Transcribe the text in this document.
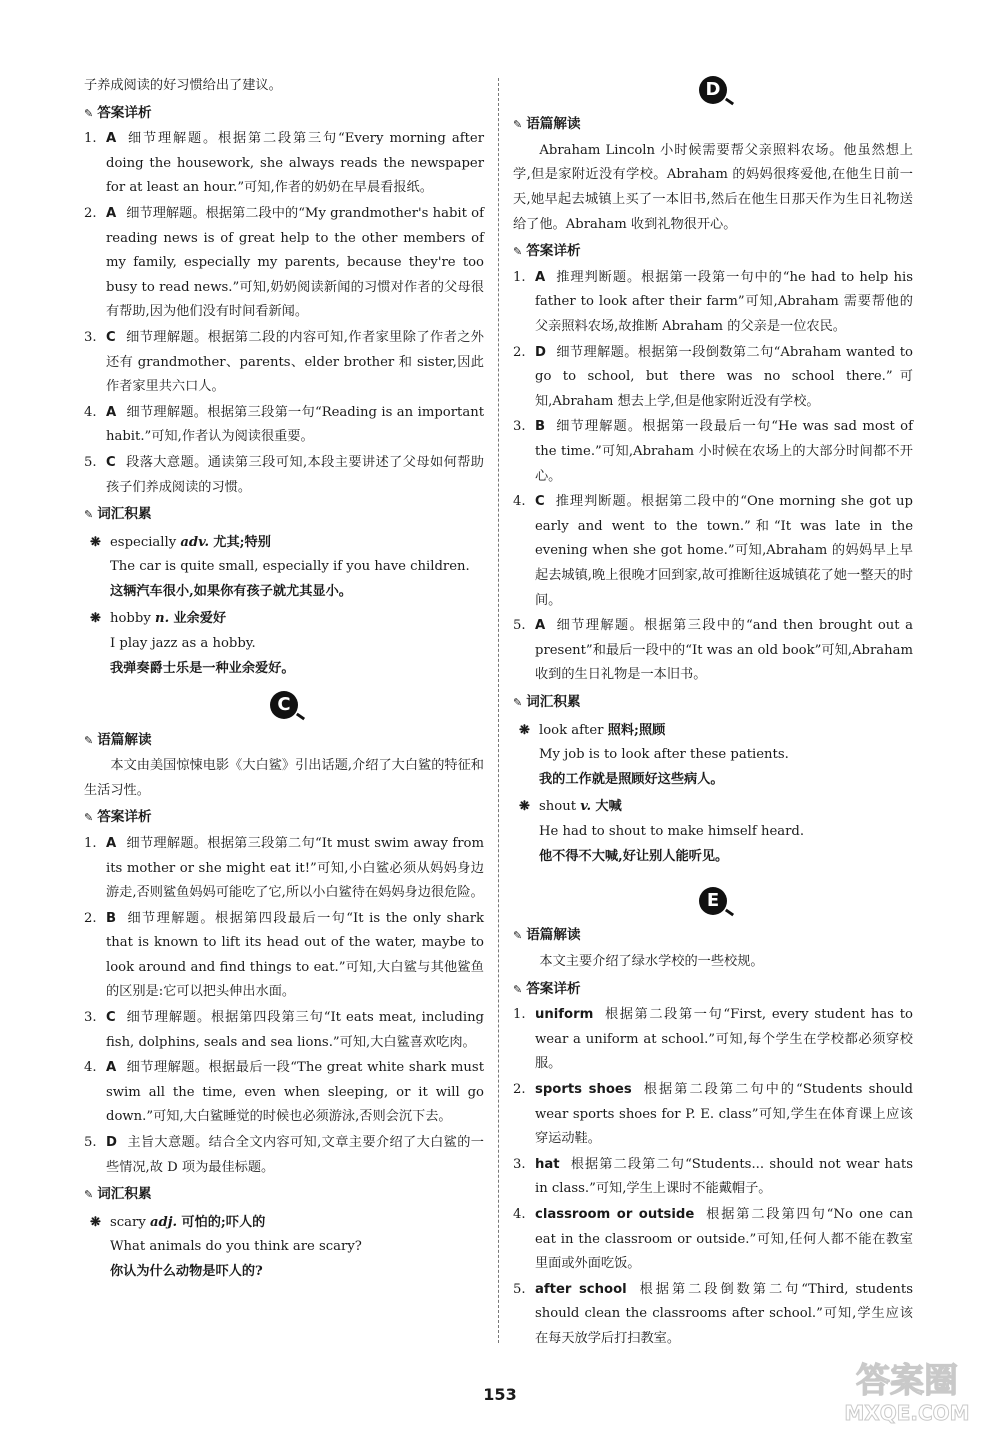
子养成阅读的好习惯给出了建议。

✎ 答案详析
1. A 细节理解题。根据第二段第三句“Every morning after doing the housework, she always reads the newspaper for at least an hour.”可知,作者的奶奶在早晨看报纸。
2. A 细节理解题。根据第二段中的“My grandmother's habit of reading news is of great help to the other members of my family, especially my parents, because they're too busy to read news.”可知,奶奶阅读新闻的习惯对作者的父母很有帮助,因为他们没有时间看新闻。
3. C 细节理解题。根据第二段的内容可知,作者家里除了作者之外还有 grandmother、parents、elder brother 和 sister,因此作者家里共六口人。
4. A 细节理解题。根据第三段第一句“Reading is an important habit.”可知,作者认为阅读很重要。
5. C 段落大意题。通读第三段可知,本段主要讲述了父母如何帮助孩子们养成阅读的习惯。
✎ 词汇积累
❋ especially adv. 尤其;特别
The car is quite small, especially if you have children.
这辆汽车很小,如果你有孩子就尤其显小。
❋ hobby n. 业余爱好
I play jazz as a hobby.
我弹奏爵士乐是一种业余爱好。
C
✎ 语篇解读

本文由美国惊悚电影《大白鲨》引出话题,介绍了大白鲨的特征和生活习性。

✎ 答案详析
1. A 细节理解题。根据第三段第二句“It must swim away from its mother or she might eat it!”可知,小白鲨必须从妈妈身边游走,否则鲨鱼妈妈可能吃了它,所以小白鲨待在妈妈身边很危险。
2. B 细节理解题。根据第四段最后一句“It is the only shark that is known to lift its head out of the water, maybe to look around and find things to eat.”可知,大白鲨与其他鲨鱼的区别是:它可以把头伸出水面。
3. C 细节理解题。根据第四段第三句“It eats meat, including fish, dolphins, seals and sea lions.”可知,大白鲨喜欢吃肉。
4. A 细节理解题。根据最后一段“The great white shark must swim all the time, even when sleeping, or it will go down.”可知,大白鲨睡觉的时候也必须游泳,否则会沉下去。
5. D 主旨大意题。结合全文内容可知,文章主要介绍了大白鲨的一些情况,故 D 项为最佳标题。
✎ 词汇积累
❋ scary adj. 可怕的;吓人的
What animals do you think are scary?
你认为什么动物是吓人的?
D
✎ 语篇解读

Abraham Lincoln 小时候需要帮父亲照料农场。他虽然想上学,但是家附近没有学校。Abraham 的妈妈很疼爱他,在他生日前一天,她早起去城镇上买了一本旧书,然后在他生日那天作为生日礼物送给了他。Abraham 收到礼物很开心。

✎ 答案详析
1. A 推理判断题。根据第一段第一句中的“he had to help his father to look after their farm”可知,Abraham 需要帮他的父亲照料农场,故推断 Abraham 的父亲是一位农民。
2. D 细节理解题。根据第一段倒数第二句“Abraham wanted to go to school, but there was no school there.”可知,Abraham 想去上学,但是他家附近没有学校。
3. B 细节理解题。根据第一段最后一句“He was sad most of the time.”可知,Abraham 小时候在农场上的大部分时间都不开心。
4. C 推理判断题。根据第二段中的“One morning she got up early and went to the town.”和“It was late in the evening when she got home.”可知,Abraham 的妈妈早上早起去城镇,晚上很晚才回到家,故可推断往返城镇花了她一整天的时间。
5. A 细节理解题。根据第三段中的“and then brought out a present”和最后一段中的“It was an old book”可知,Abraham 收到的生日礼物是一本旧书。
✎ 词汇积累
❋ look after 照料;照顾
My job is to look after these patients.
我的工作就是照顾好这些病人。
❋ shout v. 大喊
He had to shout to make himself heard.
他不得不大喊,好让别人能听见。
E
✎ 语篇解读

本文主要介绍了绿水学校的一些校规。

✎ 答案详析
1. uniform 根据第二段第一句“First, every student has to wear a uniform at school.”可知,每个学生在学校都必须穿校服。
2. sports shoes 根据第二段第二句中的“Students should wear sports shoes for P. E. class”可知,学生在体育课上应该穿运动鞋。
3. hat 根据第二段第二句“Students... should not wear hats in class.”可知,学生上课时不能戴帽子。
4. classroom or outside 根据第二段第四句“No one can eat in the classroom or outside.”可知,任何人都不能在教室里面或外面吃饭。
5. after school 根据第二段倒数第二句“Third, students should clean the classrooms after school.”可知,学生应该在每天放学后打扫教室。
153	答案圈
MXQE.COM
